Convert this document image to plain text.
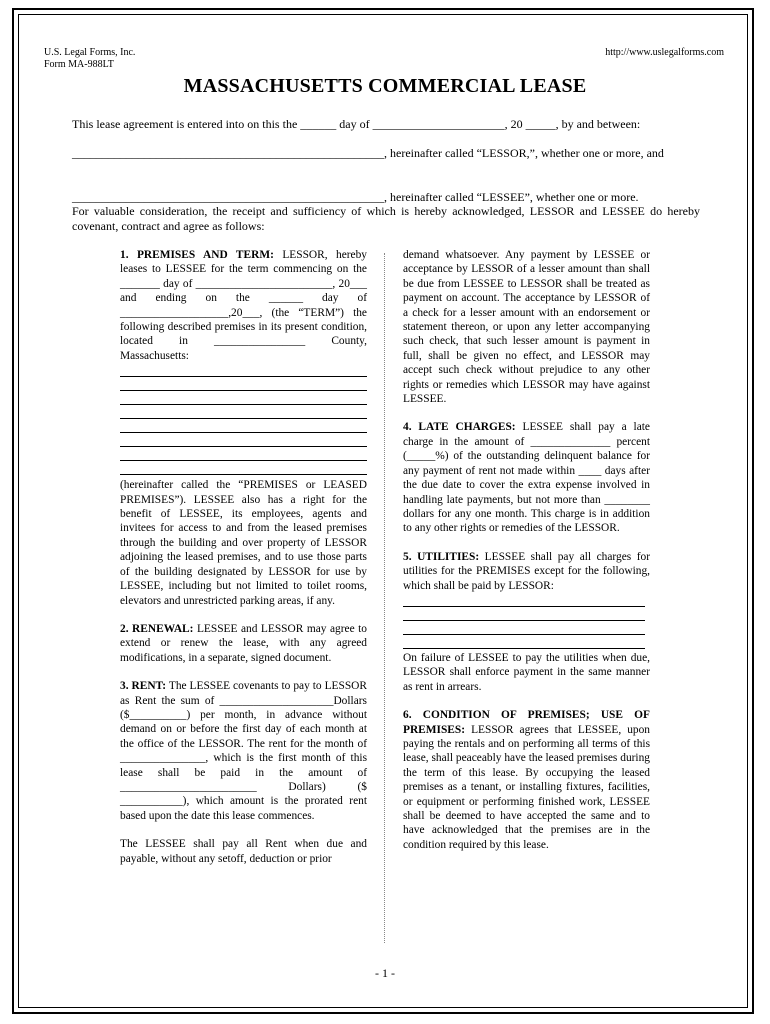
U.S. Legal Forms, Inc.
Form MA-988LT
http://www.uslegalforms.com
MASSACHUSETTS COMMERCIAL LEASE
This lease agreement is entered into on this the ______ day of ______________________, 20 _____, by and between:
____________________________________________________, hereinafter called “LESSOR,”, whether one or more, and
____________________________________________________, hereinafter called “LESSEE”, whether one or more.
For valuable consideration, the receipt and sufficiency of which is hereby acknowledged, LESSOR and LESSEE do hereby covenant, contract and agree as follows:

1. PREMISES AND TERM: LESSOR, hereby leases to LESSEE for the term commencing on the _______ day of ________________________, 20___ and ending on the ______ day of ___________________,20___, (the “TERM”) the following described premises in its present condition, located in ________________ County, Massachusetts:

(hereinafter called the “PREMISES or LEASED PREMISES”). LESSEE also has a right for the benefit of LESSEE, its employees, agents and invitees for access to and from the leased premises through the building and over property of LESSOR adjoining the leased premises, and to use those parts of the building designated by LESSOR for use by LESSEE, including but not limited to toilet rooms, elevators and unrestricted parking areas, if any.

2. RENEWAL: LESSEE and LESSOR may agree to extend or renew the lease, with any agreed modifications, in a separate, signed document.

3. RENT: The LESSEE covenants to pay to LESSOR as Rent the sum of ____________________Dollars ($__________) per month, in advance without demand on or before the first day of each month at the office of the LESSOR. The rent for the month of _______________, which is the first month of this lease shall be paid in the amount of ________________________ Dollars) ($ ___________), which amount is the prorated rent based upon the date this lease commences.

The LESSEE shall pay all Rent when due and payable, without any setoff, deduction or prior

demand whatsoever. Any payment by LESSEE or acceptance by LESSOR of a lesser amount than shall be due from LESSEE to LESSOR shall be treated as payment on account. The acceptance by LESSOR of a check for a lesser amount with an endorsement or statement thereon, or upon any letter accompanying such check, that such lesser amount is payment in full, shall be given no effect, and LESSOR may accept such check without prejudice to any other rights or remedies which LESSOR may have against LESSEE.

4. LATE CHARGES: LESSEE shall pay a late charge in the amount of ______________ percent (_____%) of the outstanding delinquent balance for any payment of rent not made within ____ days after the due date to cover the extra expense involved in handling late payments, but not more than ________ dollars for any one month. This charge is in addition to any other rights or remedies of the LESSOR.

5. UTILITIES: LESSEE shall pay all charges for utilities for the PREMISES except for the following, which shall be paid by LESSOR:

On failure of LESSEE to pay the utilities when due, LESSOR shall enforce payment in the same manner as rent in arrears.

6. CONDITION OF PREMISES; USE OF PREMISES: LESSOR agrees that LESSEE, upon paying the rentals and on performing all terms of this lease, shall peaceably have the leased premises during the term of this lease. By occupying the leased premises as a tenant, or installing fixtures, facilities, or equipment or performing finished work, LESSEE shall be deemed to have accepted the same and to have acknowledged that the premises are in the condition required by this lease.

- 1 -
